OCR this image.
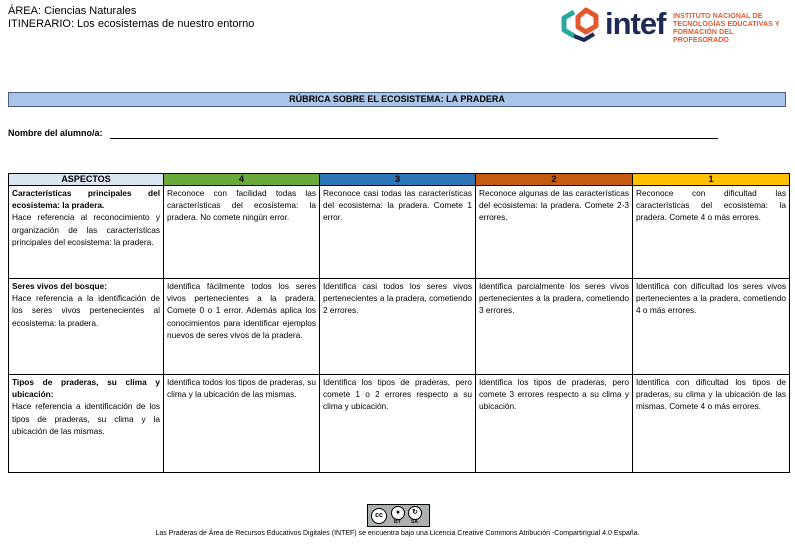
ÁREA: Ciencias Naturales
ITINERARIO: Los ecosistemas de nuestro entorno	intef INSTITUTO NACIONAL DE
TECNOLOGÍAS EDUCATIVAS Y
FORMACIÓN DEL PROFESORADO
RÚBRICA SOBRE EL ECOSISTEMA: LA PRADERA
Nombre del alumno/a:
ASPECTOS	4	3	2	1
Características principales del ecosistema: la pradera.
Hace referencia al reconocimiento y organización de las características principales del ecosistema: la pradera.	Reconoce con facilidad todas las características del ecosistema: la pradera. No comete ningún error.	Reconoce casi todas las características del ecosistema: la pradera. Comete 1 error.	Reconoce algunas de las características del ecosistema: la pradera. Comete 2-3 errores.	Reconoce con dificultad las características del ecosistema: la pradera. Comete 4 o más errores.
Seres vivos del bosque:
Hace referencia a la identificación de los seres vivos pertenecientes al ecosistema: la pradera.	Identifica fácilmente todos los seres vivos pertenecientes a la pradera. Comete 0 o 1 error. Además aplica los conocimientos para identificar ejemplos nuevos de seres vivos de la pradera.	Identifica casi todos los seres vivos pertenecientes a la pradera, cometiendo 2 errores.	Identifica parcialmente los seres vivos pertenecientes a la pradera, cometiendo 3 errores.	Identifica con dificultad los seres vivos pertenecientes a la pradera, cometiendo 4 o más errores.
Tipos de praderas, su clima y ubicación:
Hace referencia a identificación de los tipos de praderas, su clima y la ubicación de las mismas.	Identifica todos los tipos de praderas, su clima y la ubicación de las mismas.	Identifica los tipos de praderas, pero comete 1 o 2 errores respecto a su clima y ubicación.	Identifica los tipos de praderas, pero comete 3 errores respecto a su clima y ubicación.	Identifica con dificultad los tipos de praderas, su clima y la ubicación de las mismas. Comete 4 o más errores.
cc	●	↻
BY SA
Las Praderas de Área de Recursos Educativos Digitales (INTEF) se encuentra bajo una Licencia Creative Commons Atribución -CompartirIgual 4.0 España.
